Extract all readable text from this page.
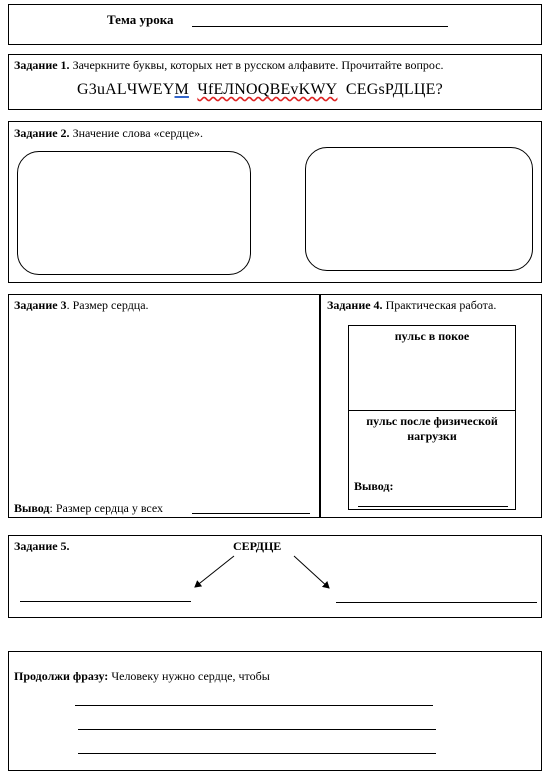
Тема урока
Задание 1. Зачеркните буквы, которых нет в русском алфавите. Прочитайте вопрос.
G3uALЧWEYM ЧfЕЛNOQBEvKWY CEGsРДLЦЕ?
Задание 2. Значение слова «сердце».
Задание 3. Размер сердца.
Вывод: Размер сердца у всех
Задание 4. Практическая работа.
пульс в покое
пульс после физической
нагрузки
Вывод:
Задание 5.	СЕРДЦЕ
Продолжи фразу: Человеку нужно сердце, чтобы
